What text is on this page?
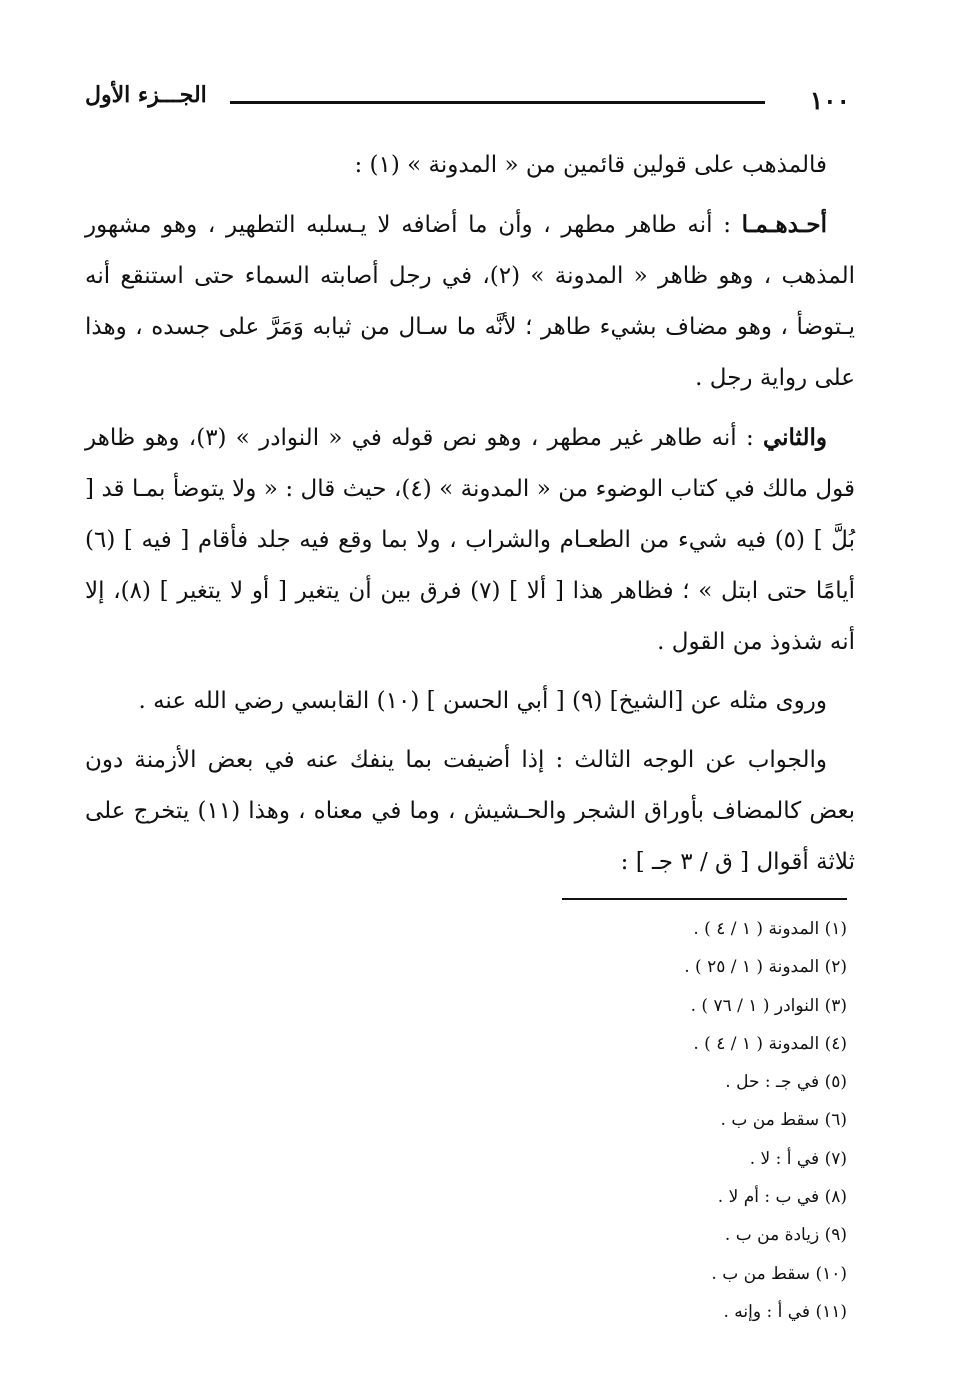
١٠٠
الجـــزء الأول

فالمذهب على قولين قائمين من « المدونة » (١) :

أحـدهـمـا : أنه طاهر مطهر ، وأن ما أضافه لا يـسلبه التطهير ، وهو مشهور المذهب ، وهو ظاهر « المدونة » (٢)، في رجل أصابته السماء حتى استنقع أنه يـتوضأ ، وهو مضاف بشيء طاهر ؛ لأنَّه ما سـال من ثيابه وَمَرَّ على جسده ، وهذا على رواية رجل .

والثاني : أنه طاهر غير مطهر ، وهو نص قوله في « النوادر » (٣)، وهو ظاهر قول مالك في كتاب الوضوء من « المدونة » (٤)، حيث قال : « ولا يتوضأ بمـا قد [ بُلَّ ] (٥) فيه شيء من الطعـام والشراب ، ولا بما وقع فيه جلد فأقام [ فيه ] (٦) أيامًا حتى ابتل » ؛ فظاهر هذا [ ألا ] (٧) فرق بين أن يتغير [ أو لا يتغير ] (٨)، إلا أنه شذوذ من القول .

وروى مثله عن [الشيخ] (٩) [ أبي الحسن ] (١٠) القابسي رضي الله عنه .

والجواب عن الوجه الثالث : إذا أضيفت بما ينفك عنه في بعض الأزمنة دون بعض كالمضاف بأوراق الشجر والحـشيش ، وما في معناه ، وهذا (١١) يتخرج على ثلاثة أقوال [ ق / ٣ جـ ] :

(١) المدونة ( ١ / ٤ ) .
(٢) المدونة ( ١ / ٢٥ ) .
(٣) النوادر ( ١ / ٧٦ ) .
(٤) المدونة ( ١ / ٤ ) .
(٥) في جـ : حل .
(٦) سقط من ب .
(٧) في أ : لا .
(٨) في ب : أم لا .
(٩) زيادة من ب .
(١٠) سقط من ب .
(١١) في أ : وإنه .
